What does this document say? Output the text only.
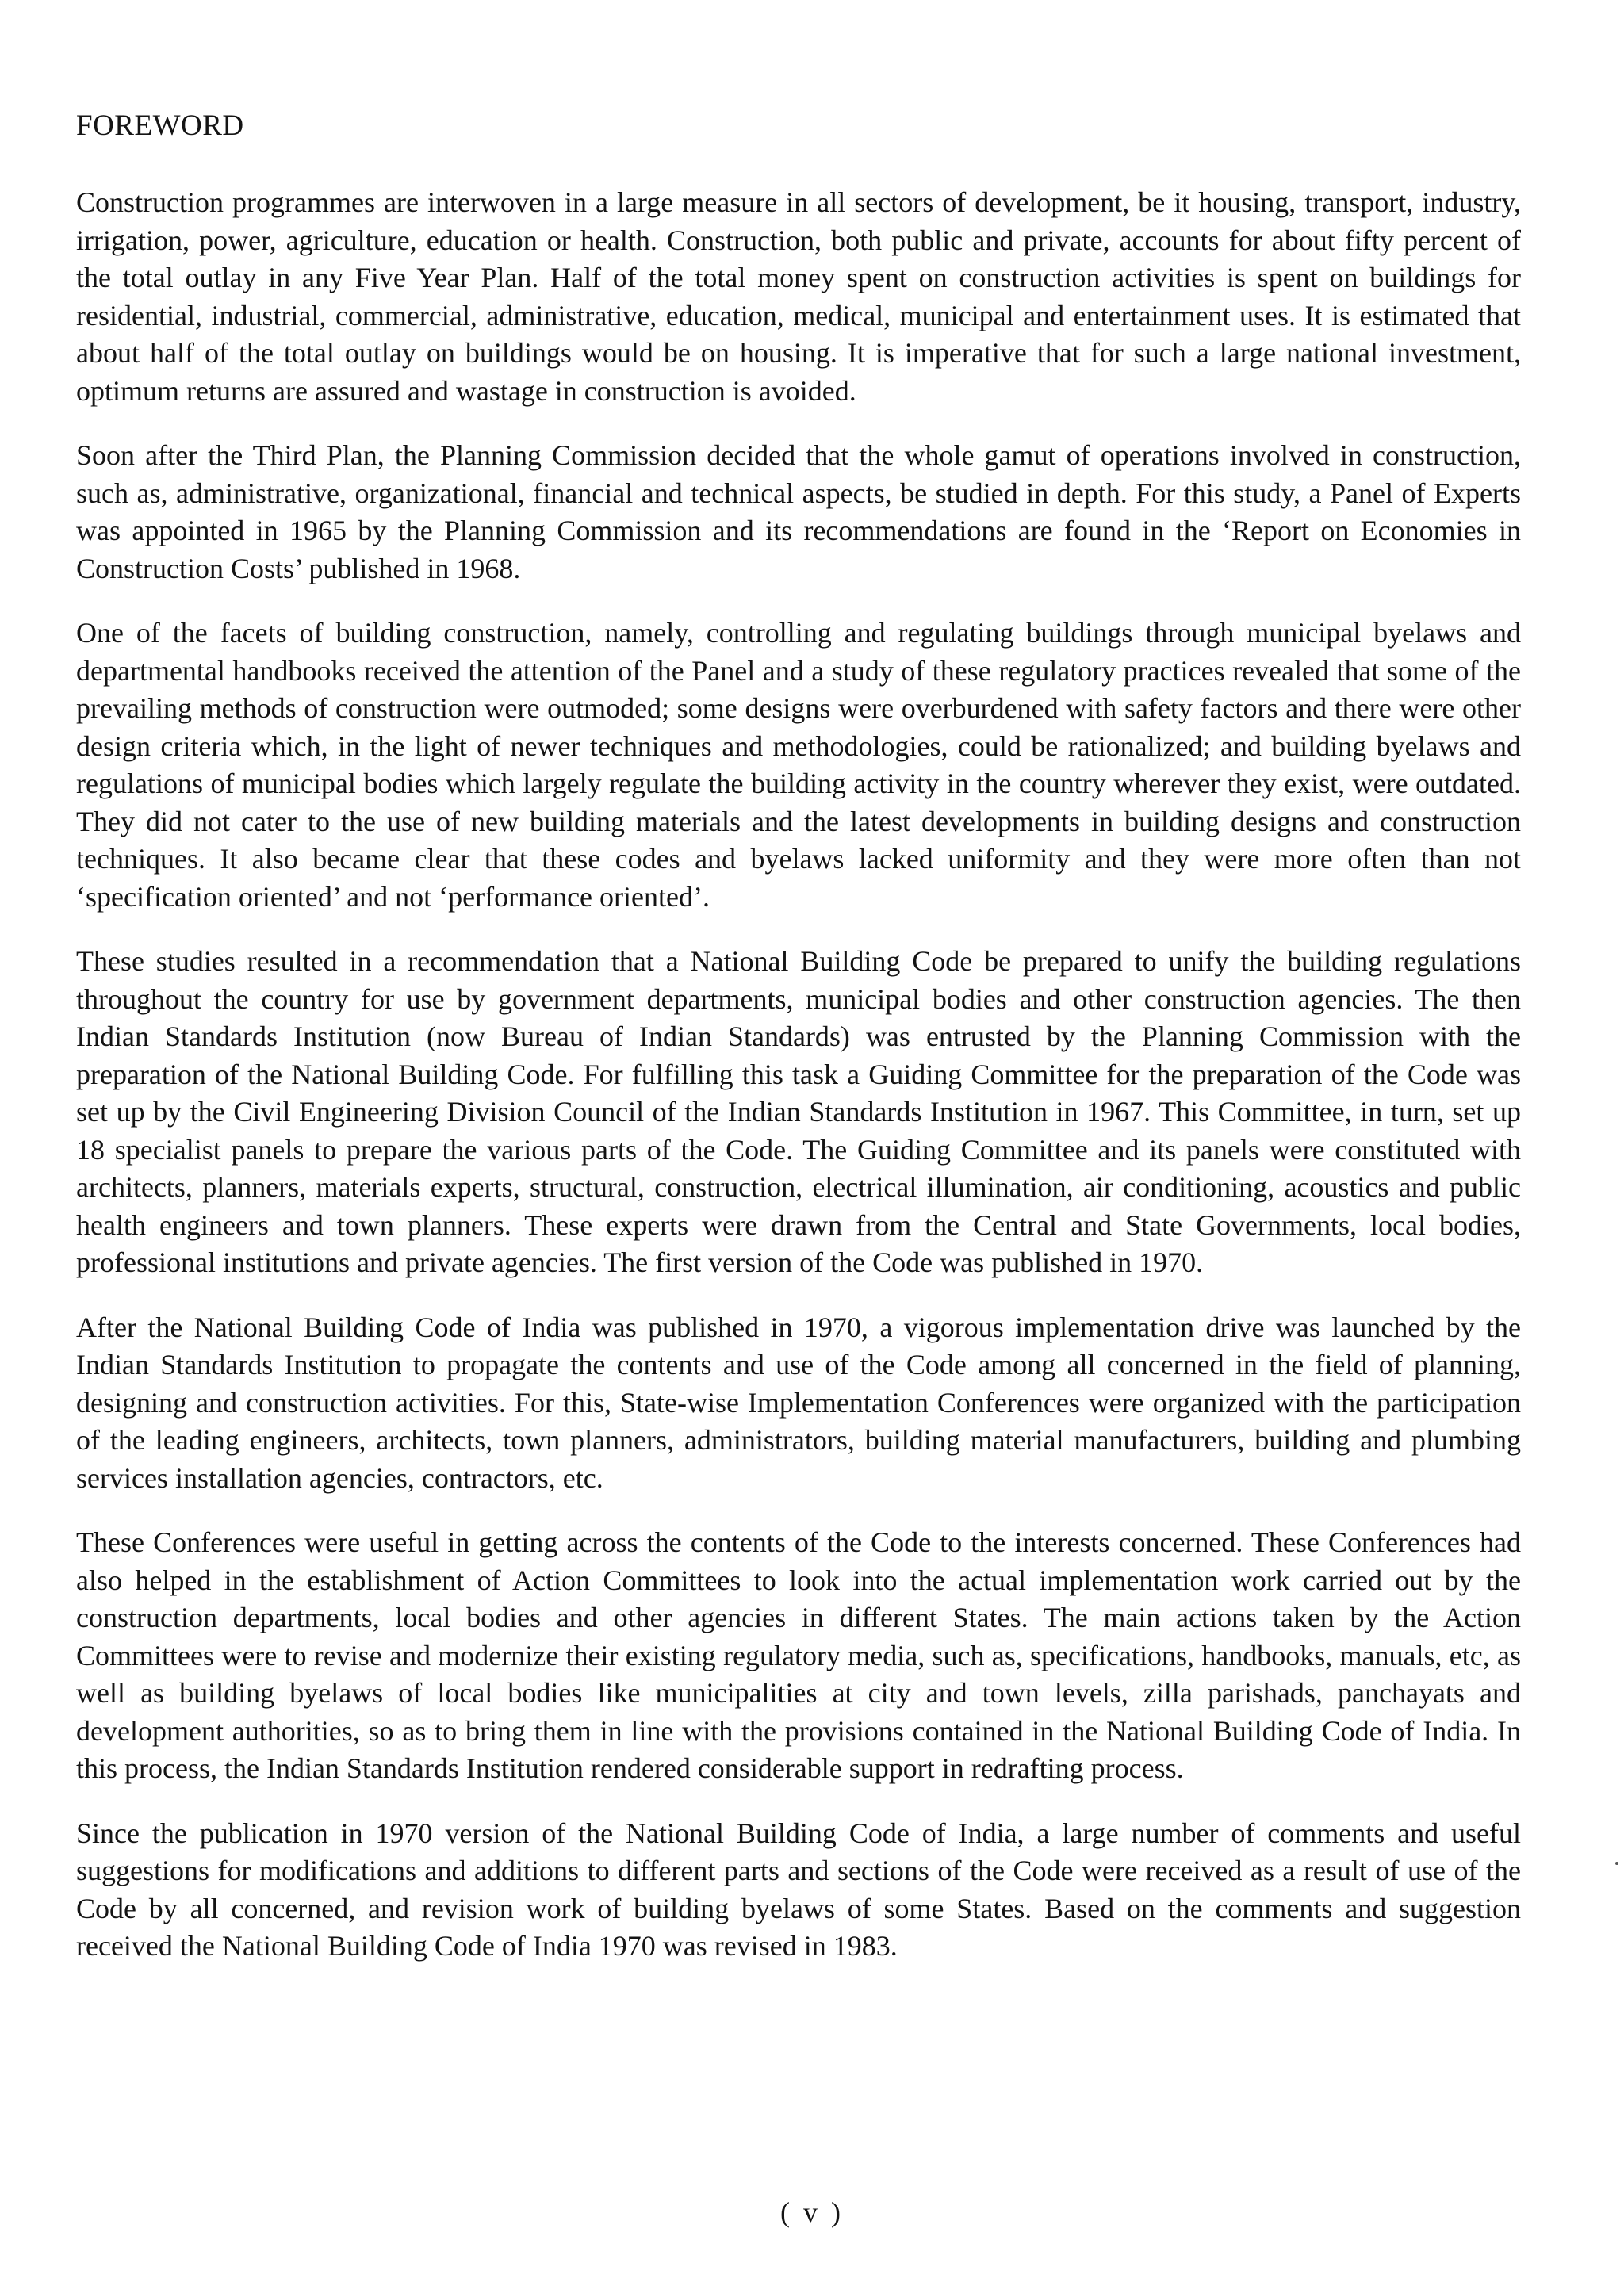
FOREWORD

Construction programmes are interwoven in a large measure in all sectors of development, be it housing, transport, industry, irrigation, power, agriculture, education or health. Construction, both public and private, accounts for about fifty percent of the total outlay in any Five Year Plan. Half of the total money spent on construction activities is spent on buildings for residential, industrial, commercial, administrative, education, medical, municipal and entertainment uses. It is estimated that about half of the total outlay on buildings would be on housing. It is imperative that for such a large national investment, optimum returns are assured and wastage in construction is avoided.

Soon after the Third Plan, the Planning Commission decided that the whole gamut of operations involved in construction, such as, administrative, organizational, financial and technical aspects, be studied in depth. For this study, a Panel of Experts was appointed in 1965 by the Planning Commission and its recommendations are found in the ‘Report on Economies in Construction Costs’ published in 1968.

One of the facets of building construction, namely, controlling and regulating buildings through municipal byelaws and departmental handbooks received the attention of the Panel and a study of these regulatory practices revealed that some of the prevailing methods of construction were outmoded; some designs were overburdened with safety factors and there were other design criteria which, in the light of newer techniques and methodologies, could be rationalized; and building byelaws and regulations of municipal bodies which largely regulate the building activity in the country wherever they exist, were outdated. They did not cater to the use of new building materials and the latest developments in building designs and construction techniques. It also became clear that these codes and byelaws lacked uniformity and they were more often than not ‘specification oriented’ and not ‘performance oriented’.

These studies resulted in a recommendation that a National Building Code be prepared to unify the building regulations throughout the country for use by government departments, municipal bodies and other construction agencies. The then Indian Standards Institution (now Bureau of Indian Standards) was entrusted by the Planning Commission with the preparation of the National Building Code. For fulfilling this task a Guiding Committee for the preparation of the Code was set up by the Civil Engineering Division Council of the Indian Standards Institution in 1967. This Committee, in turn, set up 18 specialist panels to prepare the various parts of the Code. The Guiding Committee and its panels were constituted with architects, planners, materials experts, structural, construction, electrical illumination, air conditioning, acoustics and public health engineers and town planners. These experts were drawn from the Central and State Governments, local bodies, professional institutions and private agencies. The first version of the Code was published in 1970.

After the National Building Code of India was published in 1970, a vigorous implementation drive was launched by the Indian Standards Institution to propagate the contents and use of the Code among all concerned in the field of planning, designing and construction activities. For this, State-wise Implementation Conferences were organized with the participation of the leading engineers, architects, town planners, administrators, building material manufacturers, building and plumbing services installation agencies, contractors, etc.

These Conferences were useful in getting across the contents of the Code to the interests concerned. These Conferences had also helped in the establishment of Action Committees to look into the actual implementation work carried out by the construction departments, local bodies and other agencies in different States. The main actions taken by the Action Committees were to revise and modernize their existing regulatory media, such as, specifications, handbooks, manuals, etc, as well as building byelaws of local bodies like municipalities at city and town levels, zilla parishads, panchayats and development authorities, so as to bring them in line with the provisions contained in the National Building Code of India. In this process, the Indian Standards Institution rendered considerable support in redrafting process.

Since the publication in 1970 version of the National Building Code of India, a large number of comments and useful suggestions for modifications and additions to different parts and sections of the Code were received as a result of use of the Code by all concerned, and revision work of building byelaws of some States. Based on the comments and suggestion received the National Building Code of India 1970 was revised in 1983.

( v )
